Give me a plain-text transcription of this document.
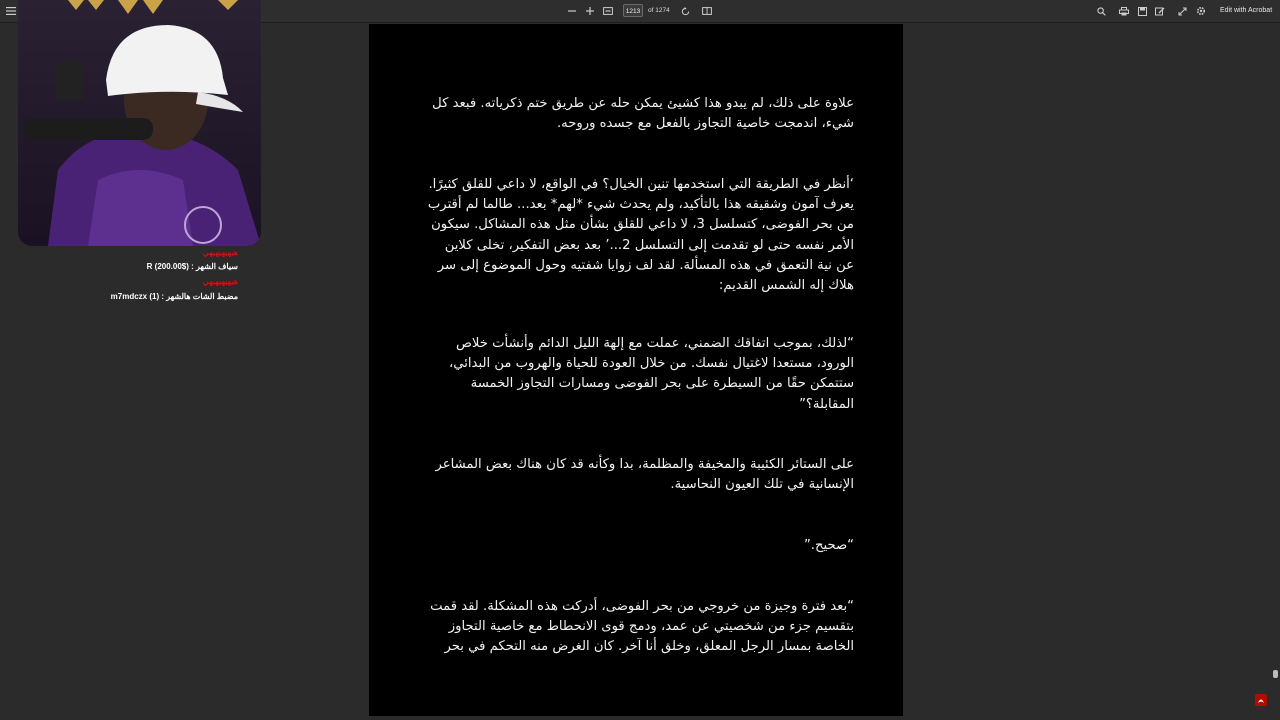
1213	of 1274	Edit with Acrobat

علاوة على ذلك، لم يبدو هذا كشيئ يمكن حله عن طريق ختم ذكرياته. فبعد كل
شيء، اندمجت خاصية التجاوز بالفعل مع جسده وروحه.

‘أنظر في الطريقة التي استخدمها تنين الخيال؟ في الواقع، لا داعي للقلق كثيرًا.
يعرف آمون وشقيقه هذا بالتأكيد، ولم يحدث شيء *لهم* بعد... طالما لم أقترب
من بحر الفوضى، كتسلسل 3، لا داعي للقلق بشأن مثل هذه المشاكل. سيكون
الأمر نفسه حتى لو تقدمت إلى التسلسل 2...’ بعد بعض التفكير، تخلى كلاين
عن نية التعمق في هذه المسألة. لقد لف زوايا شفتيه وحول الموضوع إلى سر
هلاك إله الشمس القديم:

“لذلك، بموجب اتفاقك الضمني، عملت مع إلهة الليل الدائم وأنشأت خلاص
الورود، مستعدا لاغتيال نفسك. من خلال العودة للحياة والهروب من البدائي،
ستتمكن حقًا من السيطرة على بحر الفوضى ومسارات التجاوز الخمسة
المقابلة؟”

على الستائر الكئيبة والمخيفة والمظلمة، بدا وكأنه قد كان هناك بعض المشاعر
الإنسانية في تلك العيون النحاسية.

“صحيح.”

“بعد فترة وجيزة من خروجي من بحر الفوضى، أدركت هذه المشكلة. لقد قمت
بتقسيم جزء من شخصيتي عن عمد، ودمج قوى الانحطاط مع خاصية التجاوز
الخاصة بمسار الرجل المعلق، وخلق أنا آخر. كان الغرض منه التحكم في بحر

هيهيهيهيهي
سياف الشهر : ($200.00) R
هيهيهيهيهي
مضبط الشات هالشهر : (1) m7mdczx
